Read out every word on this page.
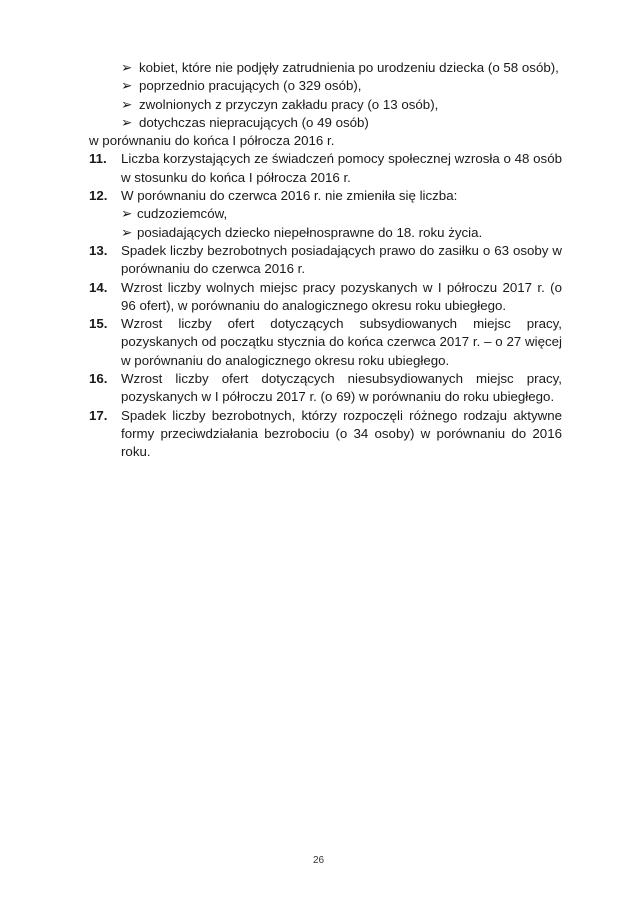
➢ kobiet, które nie podjęły zatrudnienia po urodzeniu dziecka (o 58 osób),
➢ poprzednio pracujących (o 329 osób),
➢ zwolnionych z przyczyn zakładu pracy (o 13 osób),
➢ dotychczas niepracujących (o 49 osób)
w porównaniu do końca I półrocza 2016 r.
11. Liczba korzystających ze świadczeń pomocy społecznej wzrosła o 48 osób w stosunku do końca I półrocza 2016 r.
12. W porównaniu do czerwca 2016 r. nie zmieniła się liczba:
➢ cudzoziemców,
➢ posiadających dziecko niepełnosprawne do 18. roku życia.
13. Spadek liczby bezrobotnych posiadających prawo do zasiłku o 63 osoby w porównaniu do czerwca 2016 r.
14. Wzrost liczby wolnych miejsc pracy pozyskanych w I półroczu 2017 r. (o 96 ofert), w porównaniu do analogicznego okresu roku ubiegłego.
15. Wzrost liczby ofert dotyczących subsydiowanych miejsc pracy, pozyskanych od początku stycznia do końca czerwca 2017 r. – o 27 więcej w porównaniu do analogicznego okresu roku ubiegłego.
16. Wzrost liczby ofert dotyczących niesubsydiowanych miejsc pracy, pozyskanych w I półroczu 2017 r. (o 69) w porównaniu do roku ubiegłego.
17. Spadek liczby bezrobotnych, którzy rozpoczęli różnego rodzaju aktywne formy przeciwdziałania bezrobociu (o 34 osoby) w porównaniu do 2016 roku.
26
